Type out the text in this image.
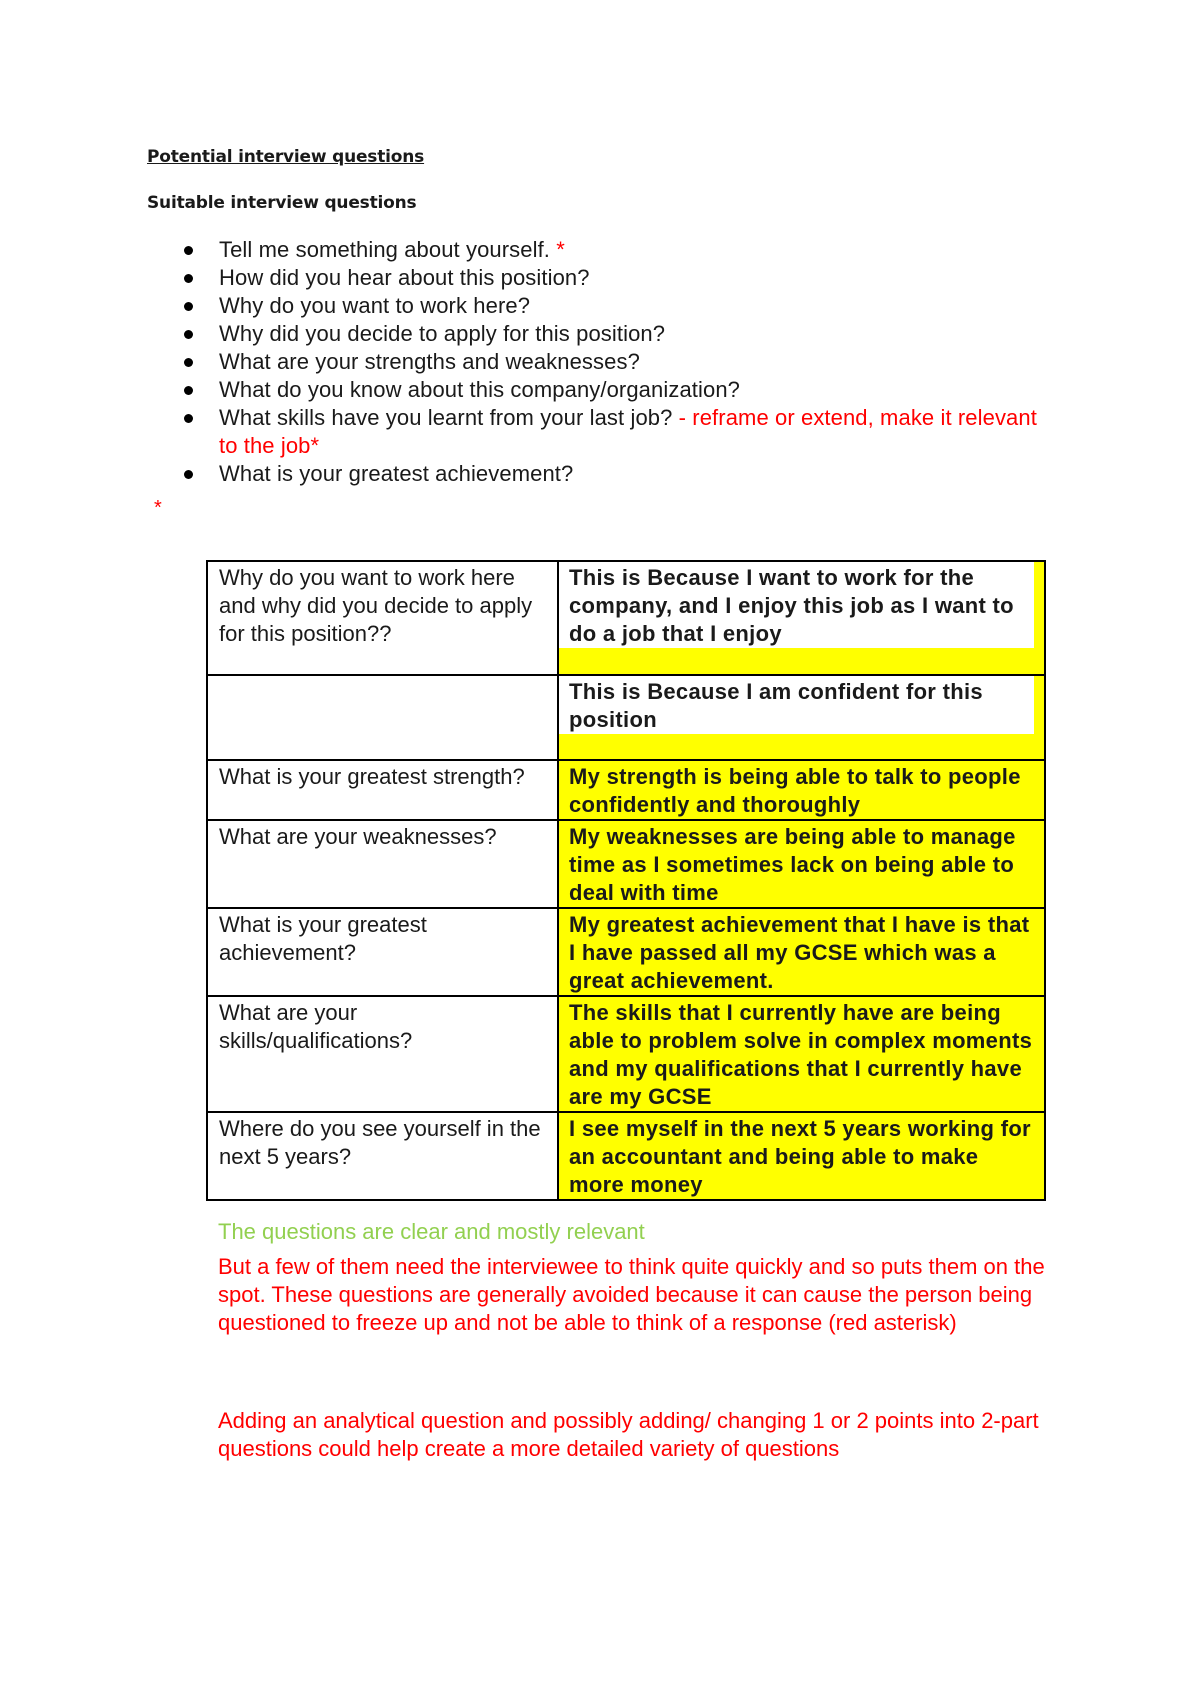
Potential interview questions
Suitable interview questions
Tell me something about yourself. *
How did you hear about this position?
Why do you want to work here?
Why did you decide to apply for this position?
What are your strengths and weaknesses?
What do you know about this company/organization?
What skills have you learnt from your last job? - reframe or extend, make it relevant to the job*
What is your greatest achievement?
*
Why do you want to work here and why did you decide to apply for this position??	This is Because I want to work for the company, and I enjoy this job as I want to do a job that I enjoy

	This is Because I am confident for this position

What is your greatest strength?	My strength is being able to talk to people confidently and thoroughly

What are your weaknesses?	My weaknesses are being able to manage time as I sometimes lack on being able to deal with time

What is your greatest achievement?	My greatest achievement that I have is that I have passed all my GCSE which was a great achievement.

What are your skills/qualifications?	The skills that I currently have are being able to problem solve in complex moments and my qualifications that I currently have are my GCSE

Where do you see yourself in the next 5 years?	I see myself in the next 5 years working for an accountant and being able to make more money
The questions are clear and mostly relevant
But a few of them need the interviewee to think quite quickly and so puts them on the spot. These questions are generally avoided because it can cause the person being questioned to freeze up and not be able to think of a response (red asterisk)
Adding an analytical question and possibly adding/ changing 1 or 2 points into 2-part questions could help create a more detailed variety of questions
